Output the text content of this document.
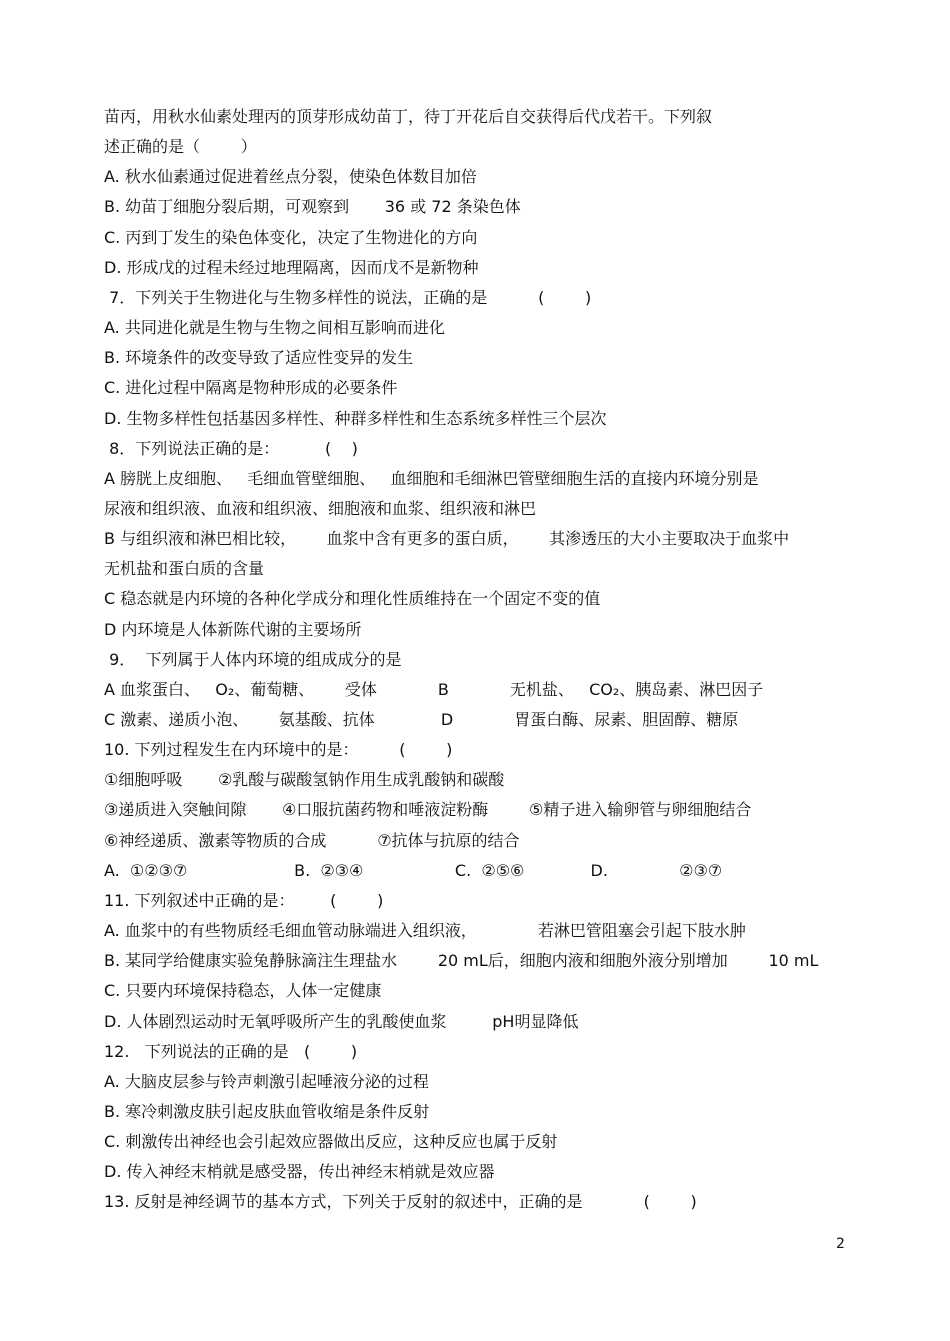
苗丙，用秋水仙素处理丙的顶芽形成幼苗丁，待丁开花后自交获得后代戊若干。下列叙
述正确的是（        ）
A. 秋水仙素通过促进着丝点分裂，使染色体数目加倍
B. 幼苗丁细胞分裂后期，可观察到       36 或 72 条染色体
C. 丙到丁发生的染色体变化，决定了生物进化的方向
D. 形成戊的过程未经过地理隔离，因而戊不是新物种
7．下列关于生物进化与生物多样性的说法，正确的是          (        )
A. 共同进化就是生物与生物之间相互影响而进化
B. 环境条件的改变导致了适应性变异的发生
C. 进化过程中隔离是物种形成的必要条件
D. 生物多样性包括基因多样性、种群多样性和生态系统多样性三个层次
8．下列说法正确的是：         (    )
A 膀胱上皮细胞、   毛细血管壁细胞、   血细胞和毛细淋巴管壁细胞生活的直接内环境分别是
尿液和组织液、血液和组织液、细胞液和血浆、组织液和淋巴
B 与组织液和淋巴相比较，      血浆中含有更多的蛋白质，      其渗透压的大小主要取决于血浆中
无机盐和蛋白质的含量
C 稳态就是内环境的各种化学成分和理化性质维持在一个固定不变的值
D 内环境是人体新陈代谢的主要场所
9．  下列属于人体内环境的组成成分的是
A 血浆蛋白、   O₂、葡萄糖、      受体            B            无机盐、   CO₂、胰岛素、淋巴因子
C 激素、递质小泡、      氨基酸、抗体             D            胃蛋白酶、尿素、胆固醇、糖原
10. 下列过程发生在内环境中的是：        (        )
①细胞呼吸       ②乳酸与碳酸氢钠作用生成乳酸钠和碳酸
③递质进入突触间隙       ④口服抗菌药物和唾液淀粉酶        ⑤精子进入输卵管与卵细胞结合
⑥神经递质、激素等物质的合成          ⑦抗体与抗原的结合
A.  ①②③⑦                     B.  ②③④                  C.  ②⑤⑥             D.              ②③⑦
11. 下列叙述中正确的是：       (        )
A. 血浆中的有些物质经毛细血管动脉端进入组织液，            若淋巴管阻塞会引起下肢水肿
B. 某同学给健康实验兔静脉滴注生理盐水        20 mL后，细胞内液和细胞外液分别增加        10 mL
C. 只要内环境保持稳态，人体一定健康
D. 人体剧烈运动时无氧呼吸所产生的乳酸使血浆         pH明显降低
12.   下列说法的正确的是   (        )
A. 大脑皮层参与铃声刺激引起唾液分泌的过程
B. 寒冷刺激皮肤引起皮肤血管收缩是条件反射
C. 刺激传出神经也会引起效应器做出反应，这种反应也属于反射
D. 传入神经末梢就是感受器，传出神经末梢就是效应器
13. 反射是神经调节的基本方式，下列关于反射的叙述中，正确的是            (        )
2
